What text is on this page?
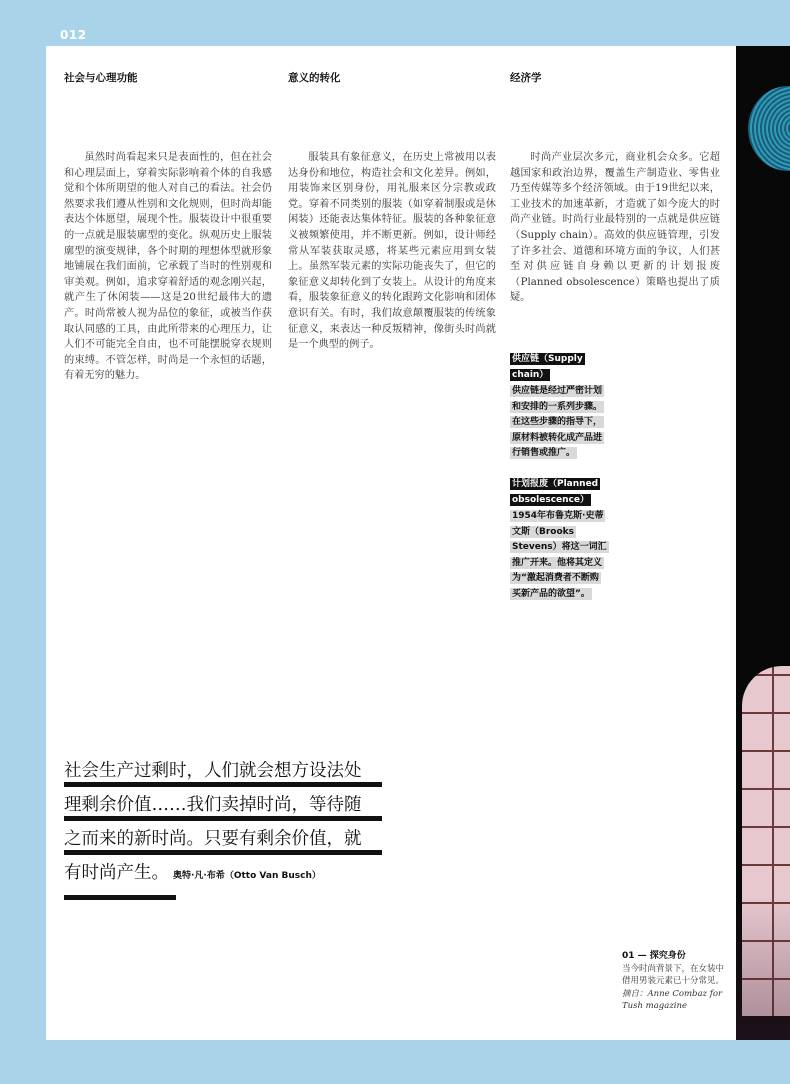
012
社会与心理功能

虽然时尚看起来只是表面性的，但在社会和心理层面上，穿着实际影响着个体的自我感觉和个体所期望的他人对自己的看法。社会仍然要求我们遵从性别和文化规则，但时尚却能表达个体愿望，展现个性。服装设计中很重要的一点就是服装廓型的变化。纵观历史上服装廓型的演变规律，各个时期的理想体型就形象地铺展在我们面前，它承载了当时的性别观和审美观。例如，追求穿着舒适的观念刚兴起，就产生了休闲装——这是20世纪最伟大的遗产。时尚常被人视为品位的象征，或被当作获取认同感的工具，由此所带来的心理压力，让人们不可能完全自由，也不可能摆脱穿衣规则的束缚。不管怎样，时尚是一个永恒的话题，有着无穷的魅力。

意义的转化

服装具有象征意义，在历史上常被用以表达身份和地位，构造社会和文化差异。例如，用装饰来区别身份，用礼服来区分宗教或政党。穿着不同类别的服装（如穿着制服或是休闲装）还能表达集体特征。服装的各种象征意义被频繁使用，并不断更新。例如，设计师经常从军装获取灵感，将某些元素应用到女装上。虽然军装元素的实际功能丧失了，但它的象征意义却转化到了女装上。从设计的角度来看，服装象征意义的转化跟跨文化影响和团体意识有关。有时，我们故意颠覆服装的传统象征意义，来表达一种反叛精神，像街头时尚就是一个典型的例子。

经济学

时尚产业层次多元，商业机会众多。它超越国家和政治边界，覆盖生产制造业、零售业乃至传媒等多个经济领域。由于19世纪以来，工业技术的加速革新，才造就了如今庞大的时尚产业链。时尚行业最特别的一点就是供应链（Supply chain）。高效的供应链管理，引发了许多社会、道德和环境方面的争议，人们甚至对供应链自身赖以更新的计划报废（Planned obsolescence）策略也提出了质疑。

供应链（Supply chain）
供应链是经过严密计划和安排的一系列步骤。在这些步骤的指导下，原材料被转化成产品进行销售或推广。
计划报废（Planned obsolescence）
1954年布鲁克斯·史蒂文斯（Brooks Stevens）将这一词汇推广开来。他将其定义为“激起消费者不断购买新产品的欲望”。
社会生产过剩时，人们就会想方设法处
理剩余价值……我们卖掉时尚，等待随
之而来的新时尚。只要有剩余价值，就
有时尚产生。 奥特·凡·布希（Otto Van Busch）
01 — 探究身份
当今时尚背景下，在女装中借用男装元素已十分常见。
摘自：Anne Combaz for Tush magazine
